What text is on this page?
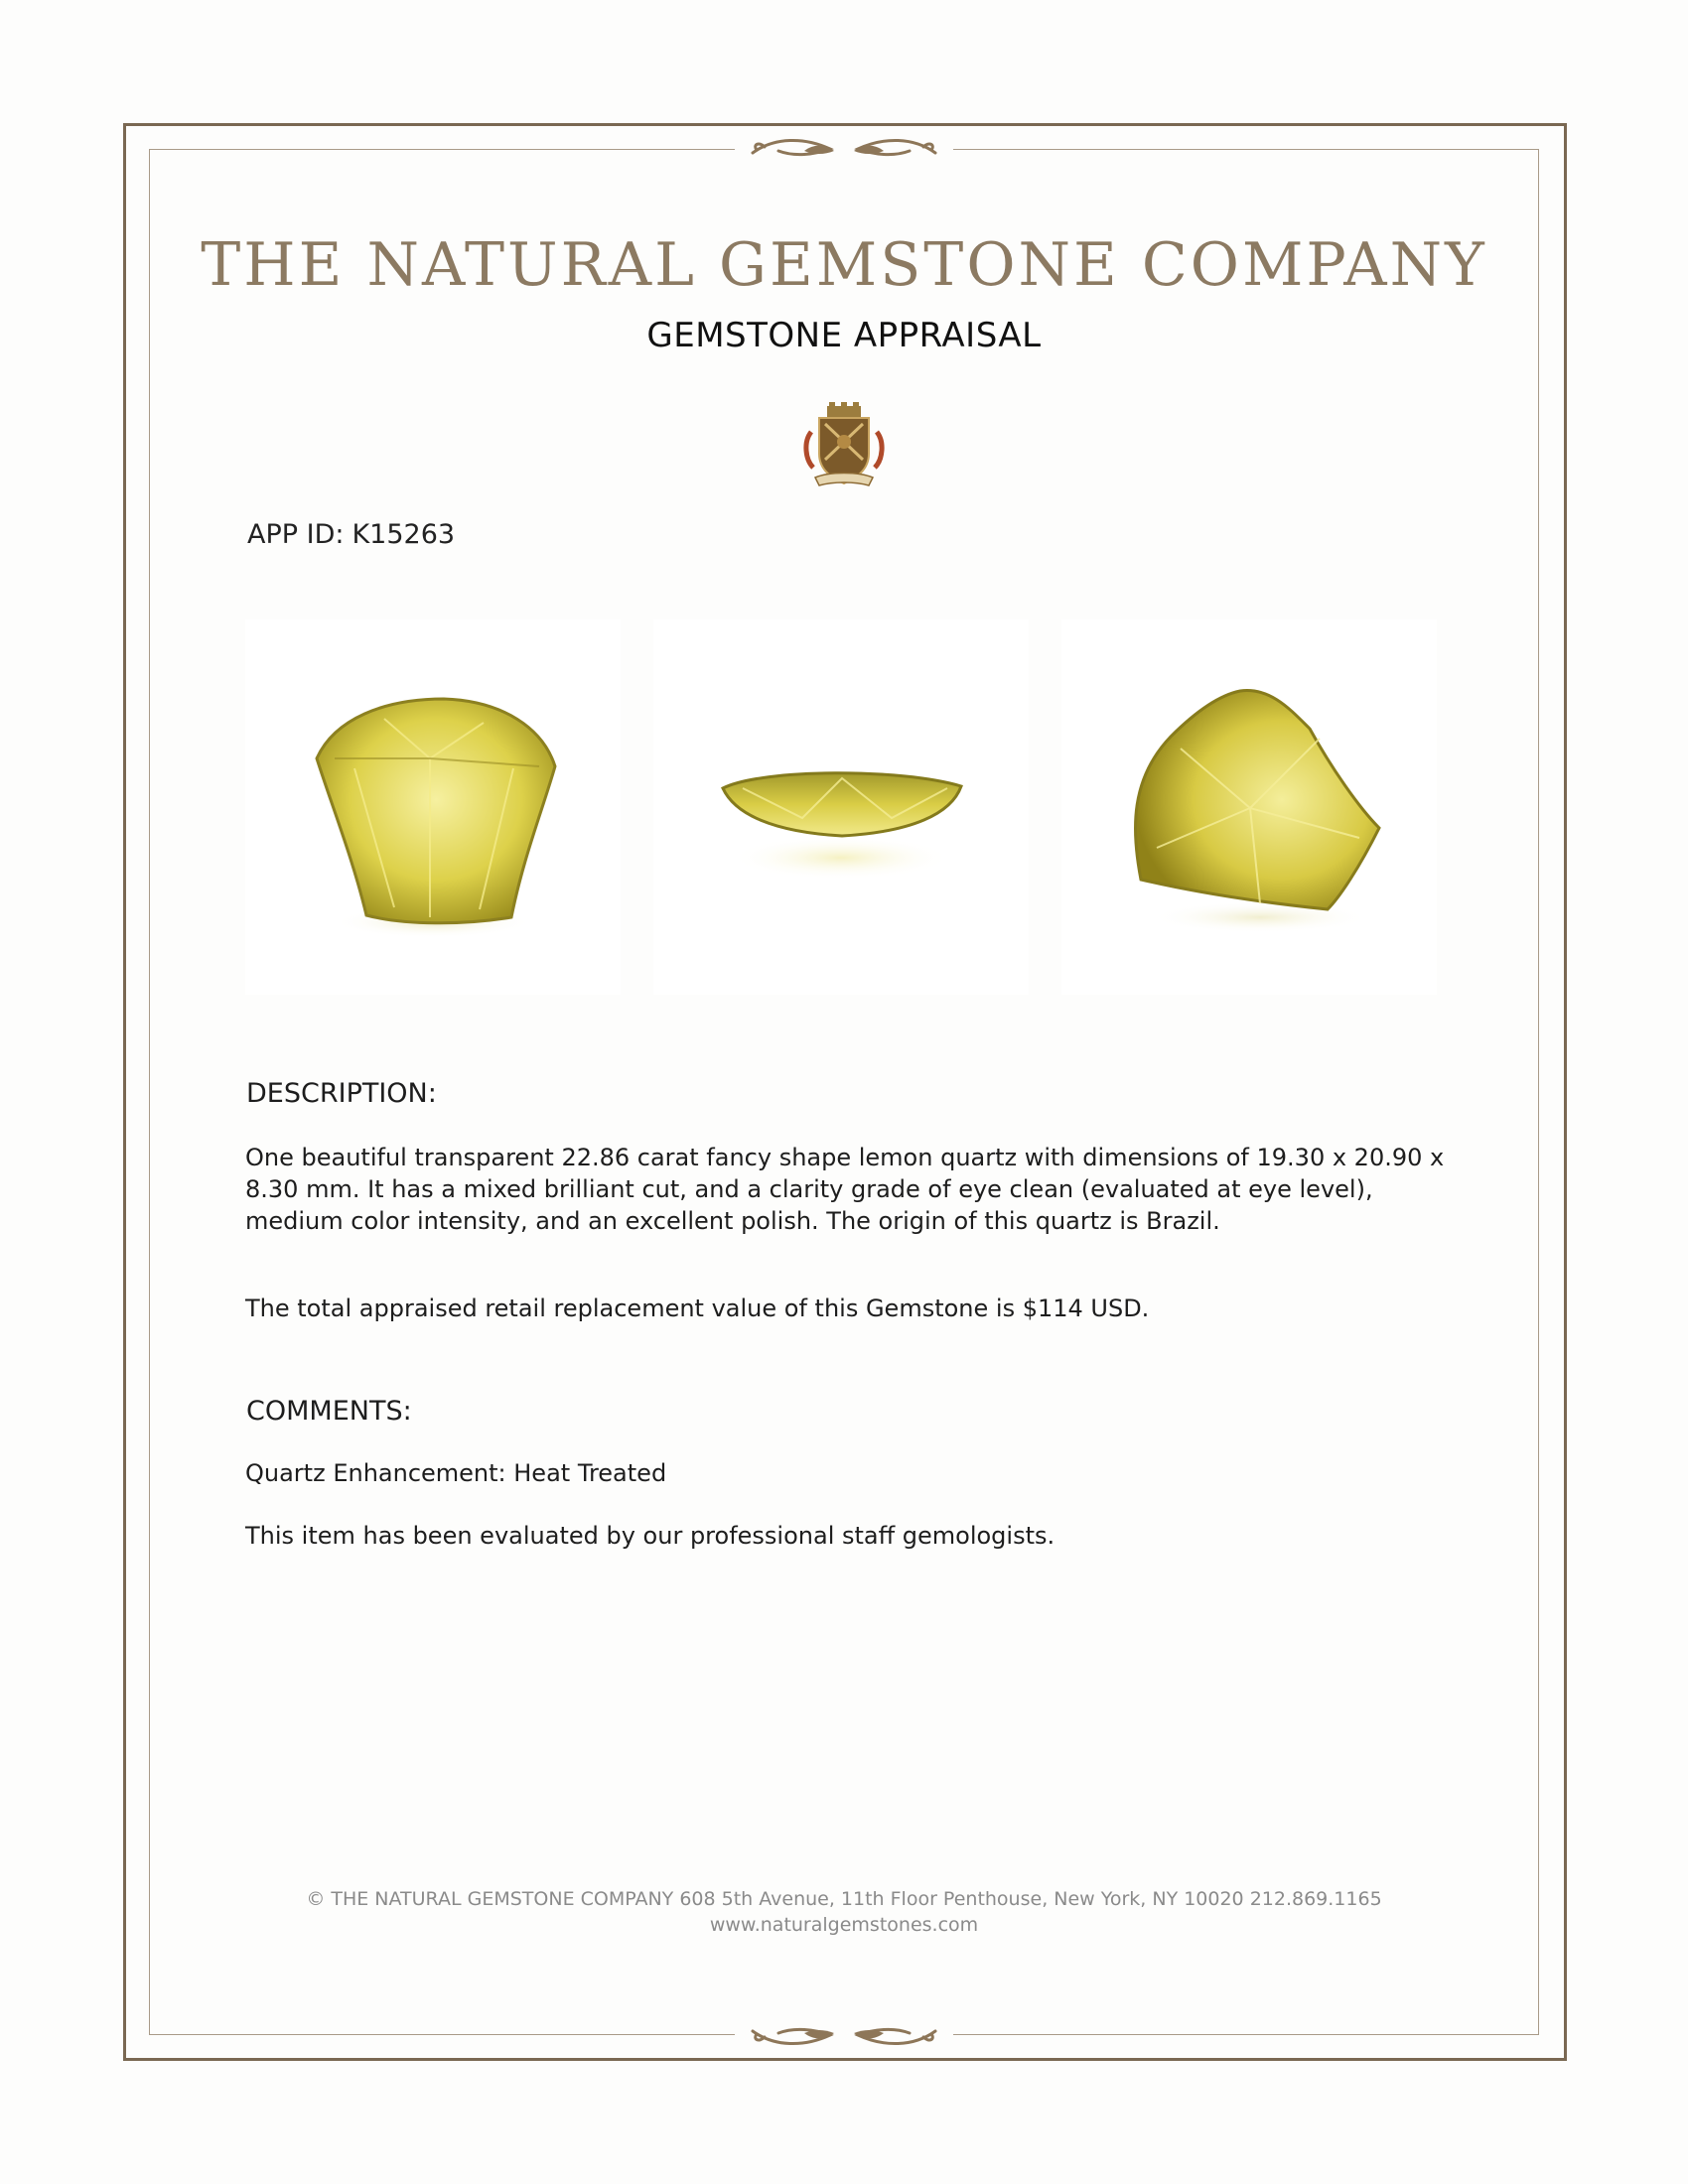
THE NATURAL GEMSTONE COMPANY
GEMSTONE APPRAISAL
APP ID: K15263
DESCRIPTION:
One beautiful transparent 22.86 carat fancy shape lemon quartz with dimensions of 19.30 x 20.90 x 8.30 mm. It has a mixed brilliant cut, and a clarity grade of eye clean (evaluated at eye level), medium color intensity, and an excellent polish. The origin of this quartz is Brazil.
The total appraised retail replacement value of this Gemstone is $114 USD.
COMMENTS:
Quartz Enhancement: Heat Treated
This item has been evaluated by our professional staff gemologists.
© THE NATURAL GEMSTONE COMPANY 608 5th Avenue, 11th Floor Penthouse, New York, NY 10020 212.869.1165
www.naturalgemstones.com
